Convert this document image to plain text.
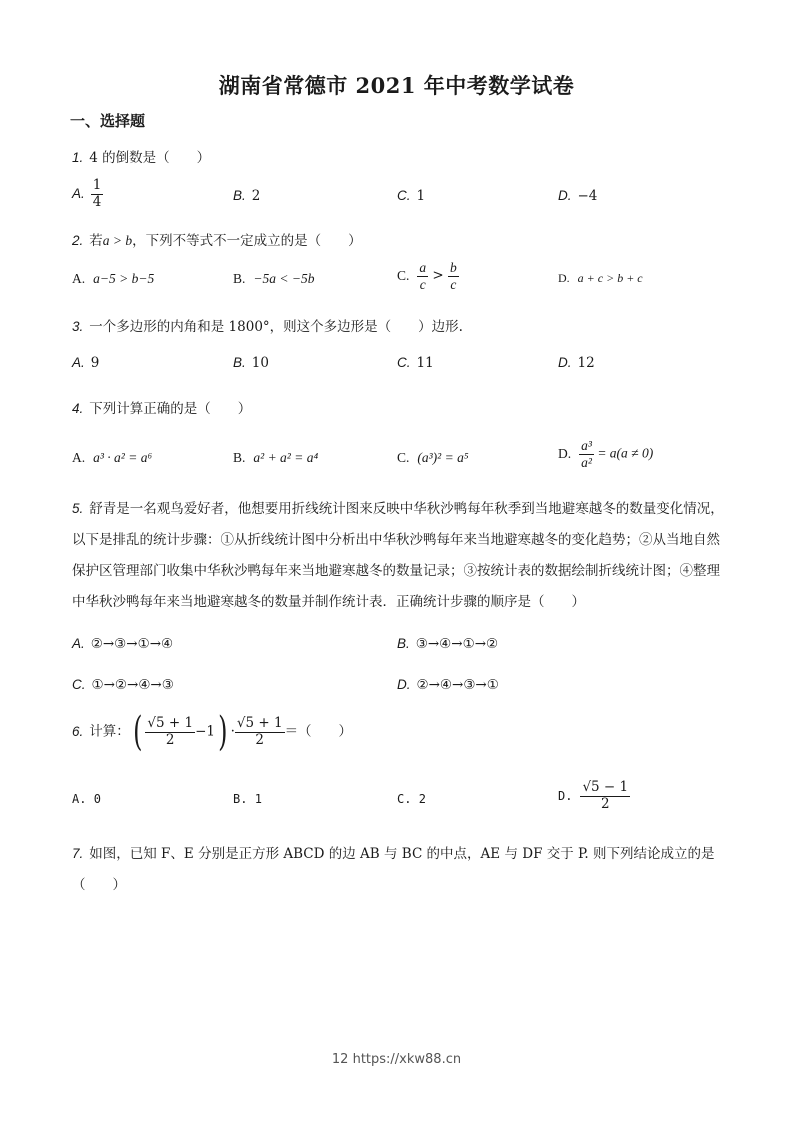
湖南省常德市 2021 年中考数学试卷
一、选择题
1. 4 的倒数是（　　）
A. $\frac{1}{4}$	B. 2	C. 1	D. −4
2. 若a > b，下列不等式不一定成立的是（　　）
A. a−5 > b−5	B. −5a < −5b	C. $\frac{a}{c} > \frac{b}{c}$	D. a + c > b + c
3. 一个多边形的内角和是 1800°，则这个多边形是（　　）边形.
A. 9	B. 10	C. 11	D. 12
4. 下列计算正确的是（　　）
A. a³ · a² = a⁶	B. a² + a² = a⁴	C. (a³)² = a⁵	D. $\frac{\text{a³}}{\text{a²}} = a(a \ne 0)$
5. 舒青是一名观鸟爱好者，他想要用折线统计图来反映中华秋沙鸭每年秋季到当地避寒越冬的数量变化情况，以下是排乱的统计步骤：①从折线统计图中分析出中华秋沙鸭每年来当地避寒越冬的变化趋势；②从当地自然保护区管理部门收集中华秋沙鸭每年来当地避寒越冬的数量记录；③按统计表的数据绘制折线统计图；④整理中华秋沙鸭每年来当地避寒越冬的数量并制作统计表．正确统计步骤的顺序是（　　）
A. ②→③→①→④	B. ③→④→①→②
C. ①→②→④→③	D. ②→④→③→①
6. 计算：( $\frac{√5 + 1}{2} -1) \cdot \frac{√5 + 1}{2}$ ＝（　　）
A. 0	B. 1	C. 2	D. $\frac{√5 - 1}{2}$
7. 如图，已知 F、E 分别是正方形 ABCD 的边 AB 与 BC 的中点，AE 与 DF 交于 P. 则下列结论成立的是（　　）
12 https://xkw88.cn
